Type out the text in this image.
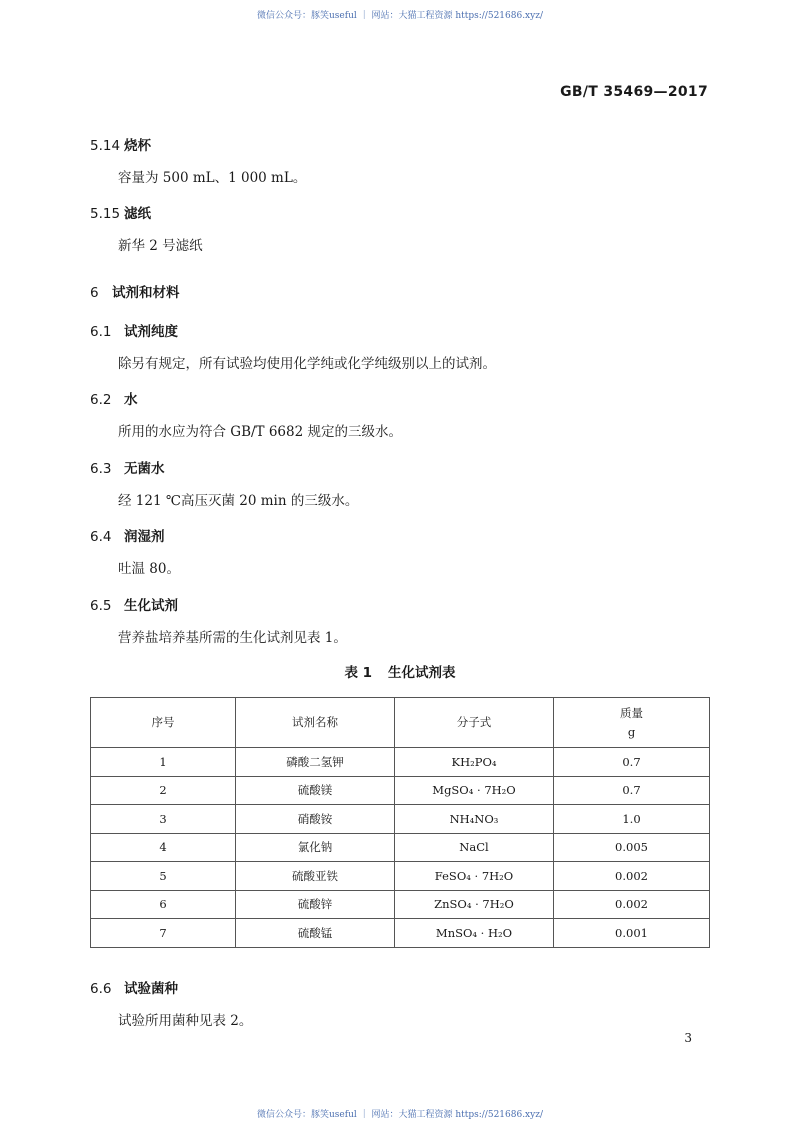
微信公众号：豚笑useful ｜ 网站：大猫工程资源 https://521686.xyz/
GB/T 35469—2017
5.14 烧杯
容量为 500 mL、1 000 mL。
5.15 滤纸
新华 2 号滤纸
6 试剂和材料
6.1 试剂纯度
除另有规定，所有试验均使用化学纯或化学纯级别以上的试剂。
6.2 水
所用的水应为符合 GB/T 6682 规定的三级水。
6.3 无菌水
经 121 ℃高压灭菌 20 min 的三级水。
6.4 润湿剂
吐温 80。
6.5 生化试剂
营养盐培养基所需的生化试剂见表 1。
表 1 生化试剂表
序号	试剂名称	分子式	质量
g

1	磷酸二氢钾	KH₂PO₄	0.7
2	硫酸镁	MgSO₄ · 7H₂O	0.7
3	硝酸铵	NH₄NO₃	1.0
4	氯化钠	NaCl	0.005
5	硫酸亚铁	FeSO₄ · 7H₂O	0.002
6	硫酸锌	ZnSO₄ · 7H₂O	0.002
7	硫酸锰	MnSO₄ · H₂O	0.001
6.6 试验菌种
试验所用菌种见表 2。
3
微信公众号：豚笑useful ｜ 网站：大猫工程资源 https://521686.xyz/
